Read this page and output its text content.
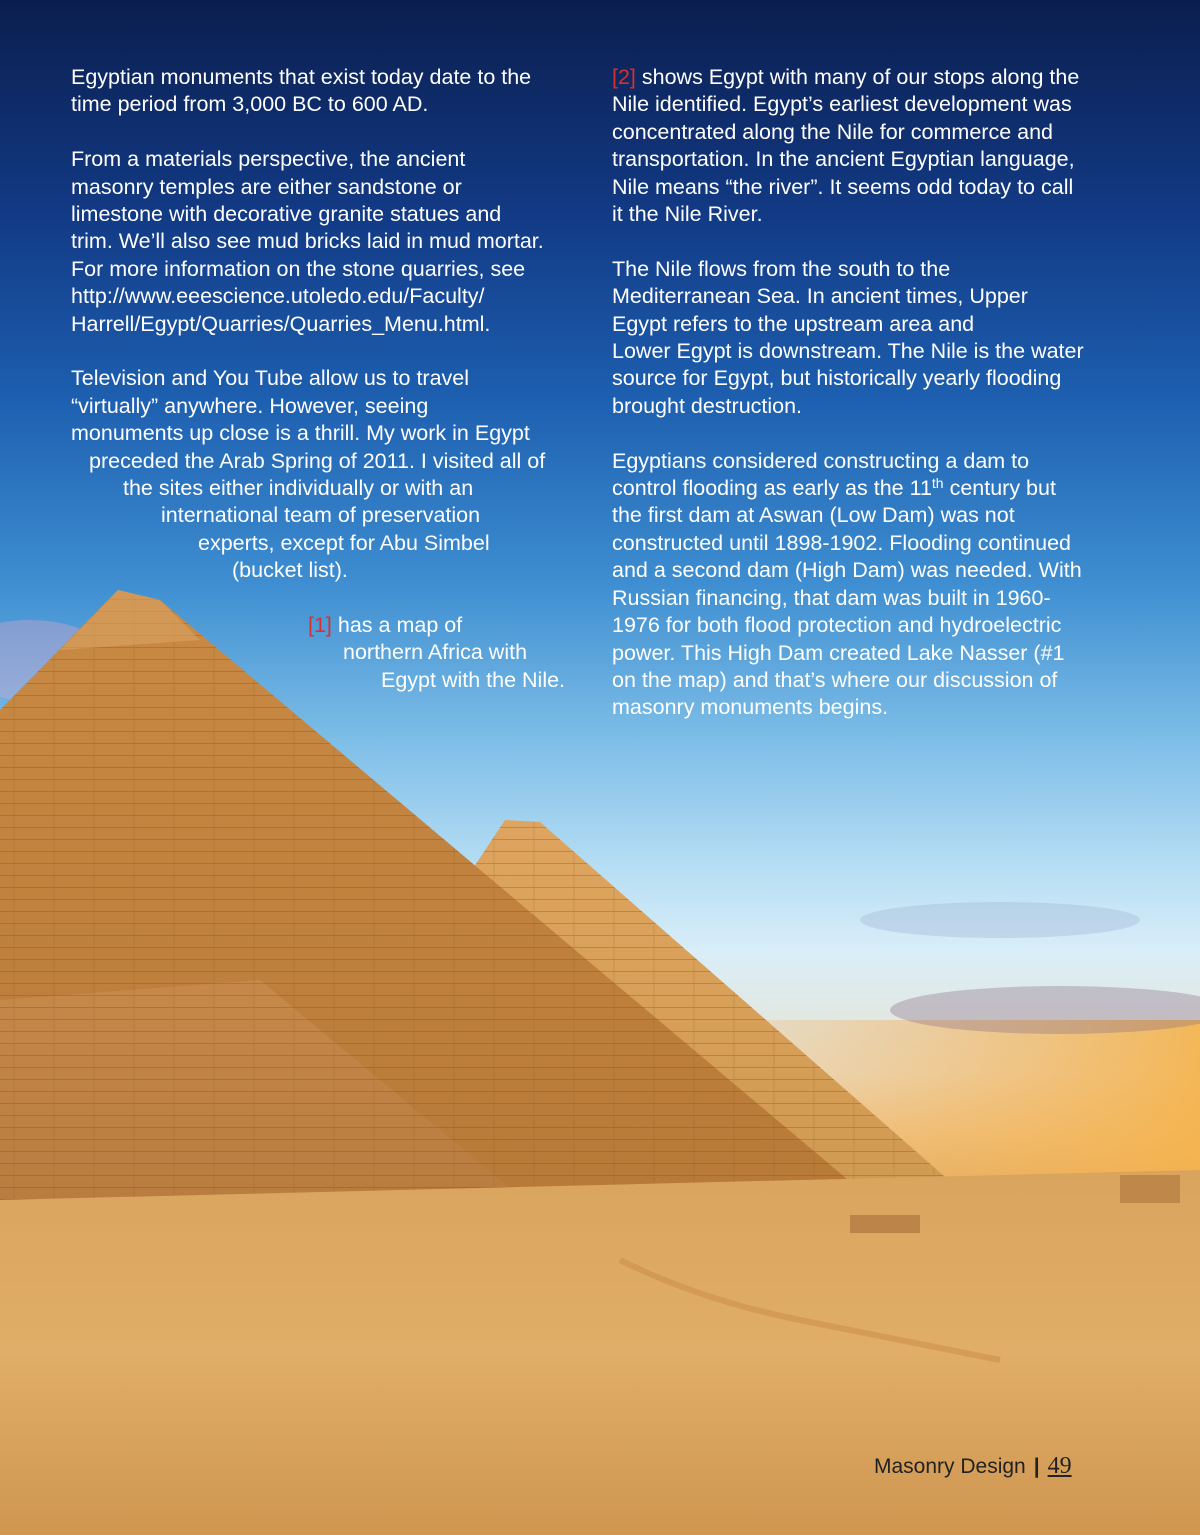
Egyptian monuments that exist today date to the
time period from 3,000 BC to 600 AD.

From a materials perspective, the ancient
masonry temples are either sandstone or
limestone with decorative granite statues and
trim. We’ll also see mud bricks laid in mud mortar.
For more information on the stone quarries, see
http://www.eeescience.utoledo.edu/Faculty/
Harrell/Egypt/Quarries/Quarries_Menu.html.

Television and You Tube allow us to travel
“virtually” anywhere. However, seeing
monuments up close is a thrill. My work in Egypt
preceded the Arab Spring of 2011. I visited all of
the sites either individually or with an
international team of preservation
experts, except for Abu Simbel
(bucket list).

[1] has a map of
northern Africa with
Egypt with the Nile.

[2] shows Egypt with many of our stops along the
Nile identified. Egypt’s earliest development was
concentrated along the Nile for commerce and
transportation. In the ancient Egyptian language,
Nile means “the river”. It seems odd today to call
it the Nile River.

The Nile flows from the south to the
Mediterranean Sea. In ancient times, Upper
Egypt refers to the upstream area and
Lower Egypt is downstream. The Nile is the water
source for Egypt, but historically yearly flooding
brought destruction.

Egyptians considered constructing a dam to
control flooding as early as the 11th century but
the first dam at Aswan (Low Dam) was not
constructed until 1898-1902. Flooding continued
and a second dam (High Dam) was needed. With
Russian financing, that dam was built in 1960-
1976 for both flood protection and hydroelectric
power. This High Dam created Lake Nasser (#1
on the map) and that’s where our discussion of
masonry monuments begins.

Masonry Design | 49
